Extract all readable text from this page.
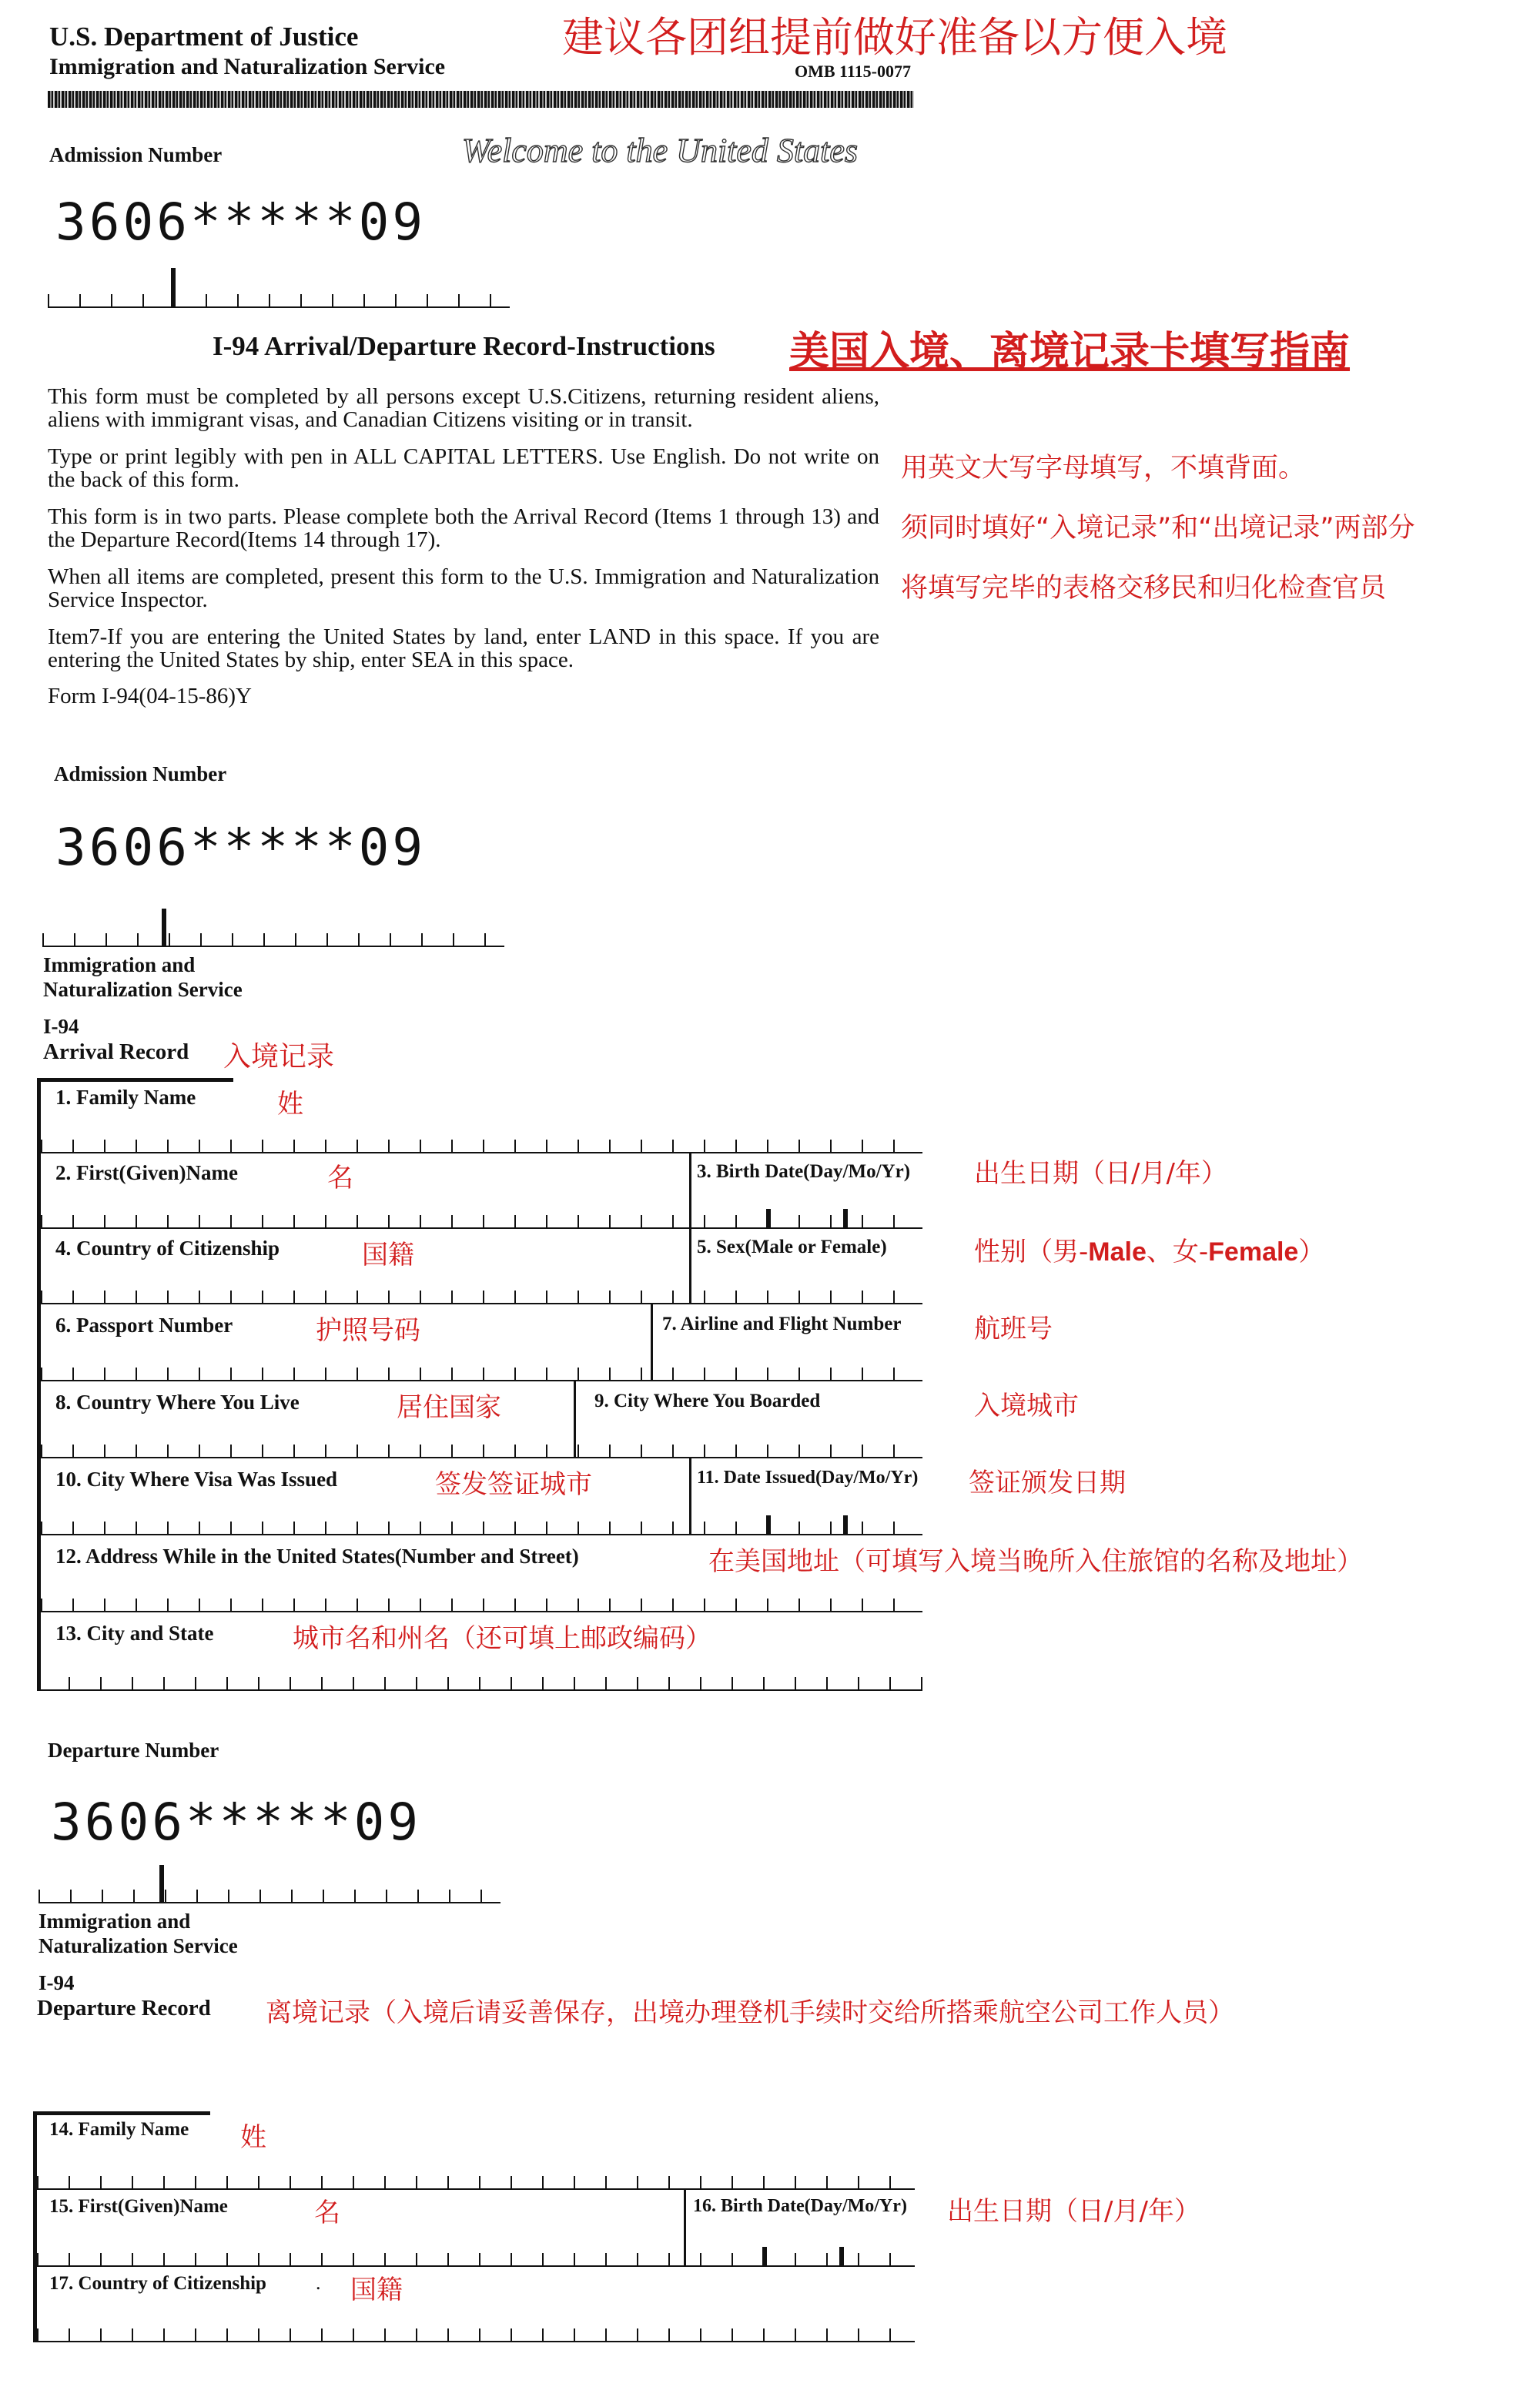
U.S. Department of Justice
Immigration and Naturalization Service
建议各团组提前做好准备以方便入境
OMB 1115-0077
Admission Number	Welcome to the United States
3606*****09
I-94 Arrival/Departure Record-Instructions 美国入境、离境记录卡填写指南
This form must be completed by all persons except U.S.Citizens, returning resident aliens, aliens with immigrant visas, and Canadian Citizens visiting or in transit.
Type or print legibly with pen in ALL CAPITAL LETTERS. Use English. Do not write on the back of this form.	用英文大写字母填写，不填背面。
This form is in two parts. Please complete both the Arrival Record (Items 1 through 13) and the Departure Record(Items 14 through 17).	须同时填好“入境记录”和“出境记录”两部分
When all items are completed, present this form to the U.S. Immigration and Naturalization Service Inspector.	将填写完毕的表格交移民和归化检查官员
Item7-If you are entering the United States by land, enter LAND in this space. If you are entering the United States by ship, enter SEA in this space.
Form I-94(04-15-86)Y
Admission Number
3606*****09
Immigration and
Naturalization Service
I-94
Arrival Record 入境记录
1. Family Name	姓
2. First(Given)Name	名	3. Birth Date(Day/Mo/Yr) 出生日期（日/月/年）
4. Country of Citizenship	国籍	5. Sex(Male or Female)	性别（男-Male、女-Female）
6. Passport Number	护照号码	7. Airline and Flight Number	航班号
8. Country Where You Live	居住国家	9. City Where You Boarded	入境城市
10. City Where Visa Was Issued	签发签证城市	11. Date Issued(Day/Mo/Yr) 签证颁发日期
12. Address While in the United States(Number and Street)	在美国地址（可填写入境当晚所入住旅馆的名称及地址）
13. City and State	城市名和州名（还可填上邮政编码）
Departure Number
3606*****09
Immigration and
Naturalization Service
I-94
Departure Record 离境记录（入境后请妥善保存，出境办理登机手续时交给所搭乘航空公司工作人员）
14. Family Name 姓
15. First(Given)Name	名	16. Birth Date(Day/Mo/Yr) 出生日期（日/月/年）
17. Country of Citizenship . 国籍
